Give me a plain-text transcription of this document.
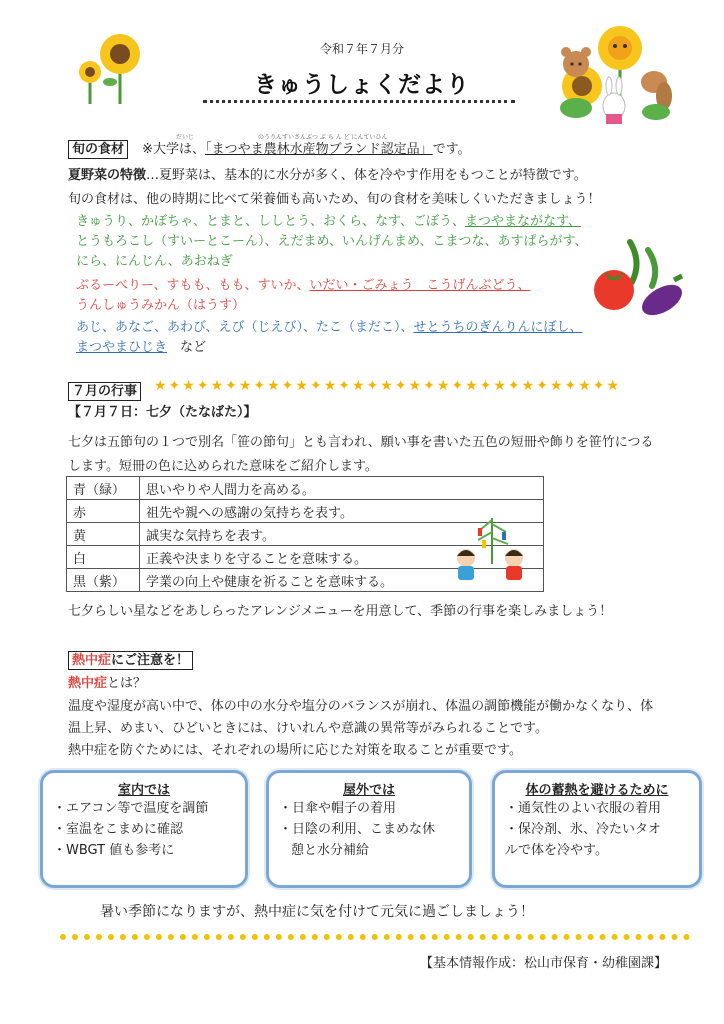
令和７年７月分
きゅうしょくだより
だいじ	のうりんすいさんぶつ ぶ ら ん ど にんていひん
旬の食材 ※大学は、「まつやま農林水産物ブランド認定品」です。
夏野菜の特徴…夏野菜は、基本的に水分が多く、体を冷やす作用をもつことが特徴です。
旬の食材は、他の時期に比べて栄養価も高いため、旬の食材を美味しくいただきましょう！
きゅうり、かぼちゃ、とまと、ししとう、おくら、なす、ごぼう、まつやまながなす、
とうもろこし（すいーとこーん）、えだまめ、いんげんまめ、こまつな、あすぱらがす、
にら、にんじん、あおねぎ
ぶるーべりー、すもも、もも、すいか、いだい・ごみょう　こうげんぶどう、
うんしゅうみかん（はうす）
あじ、あなご、あわび、えび（じえび）、たこ（まだこ）、せとうちのぎんりんにぼし、
まつやまひじき　など
７月の行事 ★✦★✦★✦★✦★✦★✦★✦★✦★✦★✦★✦★✦★✦★✦★✦★✦★
【７月７日：七夕（たなばた）】
七夕は五節句の１つで別名「笹の節句」とも言われ、願い事を書いた五色の短冊や飾りを笹竹につる
します。短冊の色に込められた意味をご紹介します。
青（緑）	思いやりや人間力を高める。
赤	祖先や親への感謝の気持ちを表す。
黄	誠実な気持ちを表す。
白	正義や決まりを守ることを意味する。
黒（紫）	学業の向上や健康を祈ることを意味する。
七夕らしい星などをあしらったアレンジメニューを用意して、季節の行事を楽しみましょう！
熱中症にご注意を！
熱中症とは？
温度や湿度が高い中で、体の中の水分や塩分のバランスが崩れ、体温の調節機能が働かなくなり、体
温上昇、めまい、ひどいときには、けいれんや意識の異常等がみられることです。
熱中症を防ぐためには、それぞれの場所に応じた対策を取ることが重要です。
室内では
・エアコン等で温度を調節
・室温をこまめに確認
・WBGT 値も参考に
屋外では
・日傘や帽子の着用
・日陰の利用、こまめな休
憩と水分補給
体の蓄熱を避けるために
・通気性のよい衣服の着用
・保冷剤、氷、冷たいタオ
ルで体を冷やす。
暑い季節になりますが、熱中症に気を付けて元気に過ごしましょう！
【基本情報作成：松山市保育・幼稚園課】
